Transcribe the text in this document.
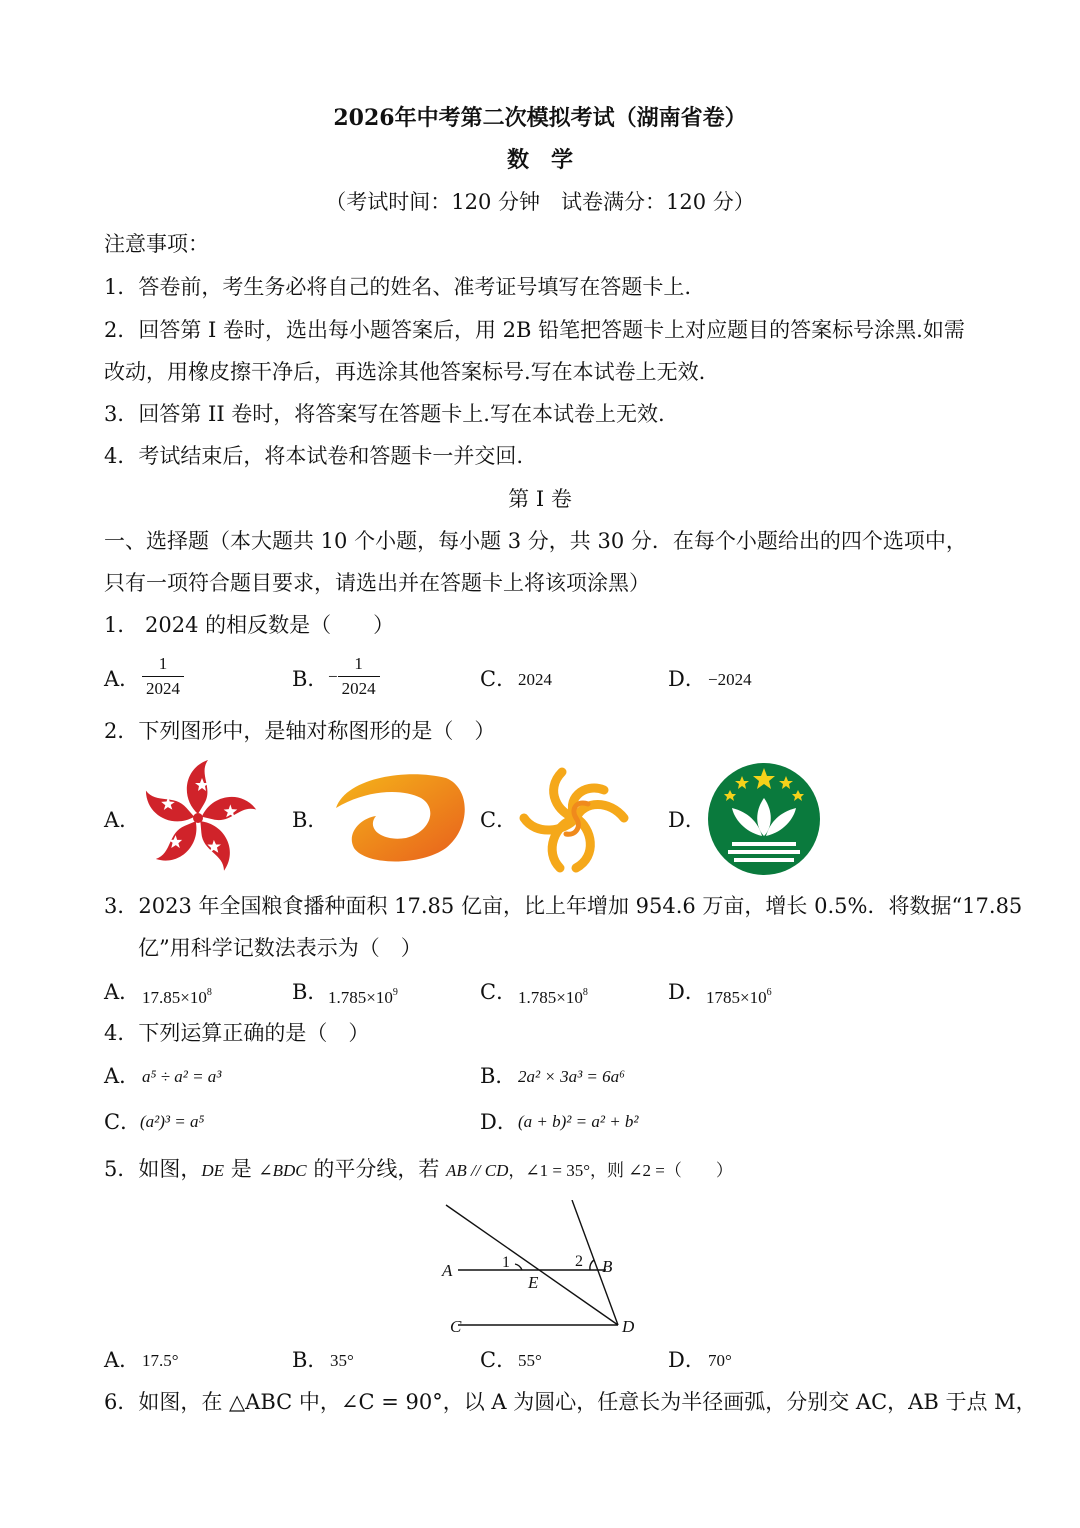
2026年中考第二次模拟考试（湖南省卷）
数　学
（考试时间：120 分钟　试卷满分：120 分）
注意事项：
1．答卷前，考生务必将自己的姓名、准考证号填写在答题卡上.
2．回答第 I 卷时，选出每小题答案后，用 2B 铅笔把答题卡上对应题目的答案标号涂黑.如需
改动，用橡皮擦干净后，再选涂其他答案标号.写在本试卷上无效.
3．回答第 II 卷时，将答案写在答题卡上.写在本试卷上无效.
4．考试结束后，将本试卷和答题卡一并交回.
第 I 卷
一、选择题（本大题共 10 个小题，每小题 3 分，共 30 分．在每个小题给出的四个选项中，
只有一项符合题目要求，请选出并在答题卡上将该项涂黑）
1． 2024 的相反数是（　　）
A． $\frac{1}{2024}$	B． − $\frac{1}{2024}$	C． 2024	D． −2024
2．下列图形中，是轴对称图形的是（　）
A．	B．	C．	D．
3．2023 年全国粮食播种面积 17.85 亿亩，比上年增加 954.6 万亩，增长 0.5%．将数据“17.85
亿”用科学记数法表示为（　）
A． $17.85\times 10^8$	B． $1.785\times 10^9$	C． $1.785\times 10^8$	D． $1785\times 10^6$
4．下列运算正确的是（　）
A． a⁵ ÷ a² = a³	B． 2a² × 3a³ = 6a⁶
C．
(a²)³ = a⁵	D． (a + b)² = a² + b²
5．如图，DE 是 ∠BDC 的平分线，若 AB // CD，∠1 = 35°，则 ∠2 =（　　）
A	B
C	D
E
1	2
A． 17.5°	B． 35°	C． 55°	D． 70°
6．如图，在 △ABC 中，∠C = 90°，以 A 为圆心，任意长为半径画弧，分别交 AC，AB 于点 M，
